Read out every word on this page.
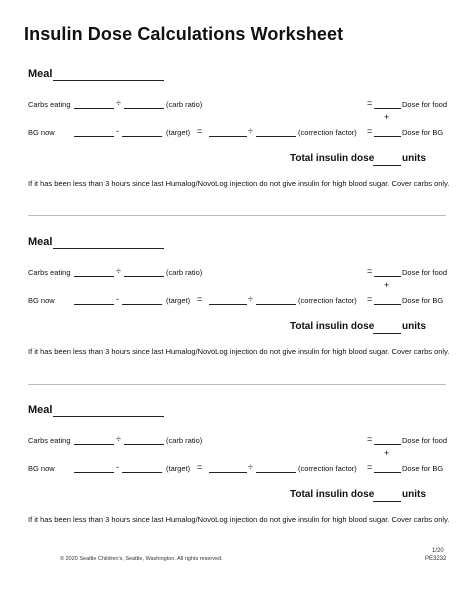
Insulin Dose Calculations Worksheet
Meal
Carbs eating	÷	(carb ratio)	=	Dose for food
+
BG now	-	(target) =	÷	(correction factor) =	Dose for BG
Total insulin dose	units
If it has been less than 3 hours since last Humalog/NovoLog injection do not give insulin for high blood sugar. Cover carbs only.
Meal
Carbs eating	÷	(carb ratio)	=	Dose for food
+
BG now	-	(target) =	÷	(correction factor) =	Dose for BG
Total insulin dose	units
If it has been less than 3 hours since last Humalog/NovoLog injection do not give insulin for high blood sugar. Cover carbs only.
Meal
Carbs eating	÷	(carb ratio)	=	Dose for food
+
BG now	-	(target) =	÷	(correction factor) =	Dose for BG
Total insulin dose	units
If it has been less than 3 hours since last Humalog/NovoLog injection do not give insulin for high blood sugar. Cover carbs only.
© 2020 Seattle Children's, Seattle, Washington. All rights reserved.
1/20
PE3232
